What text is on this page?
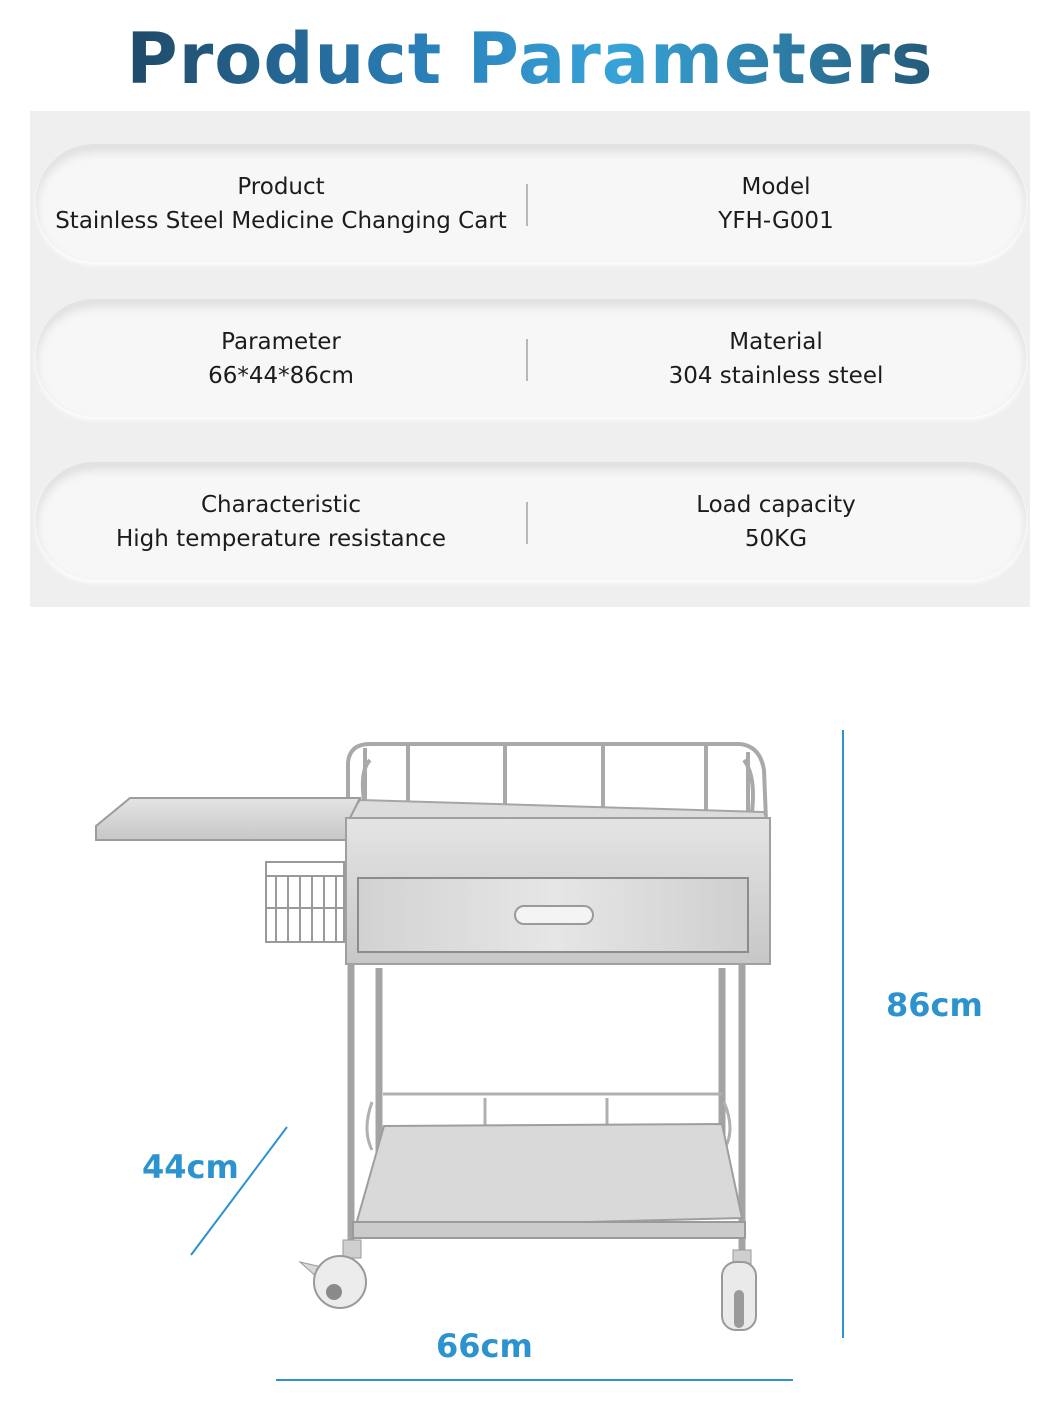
Product Parameters
Product
Stainless Steel Medicine Changing Cart
Model
YFH-G001
Parameter
66*44*86cm
Material
304 stainless steel
Characteristic
High temperature resistance
Load capacity
50KG
86cm
44cm
66cm
